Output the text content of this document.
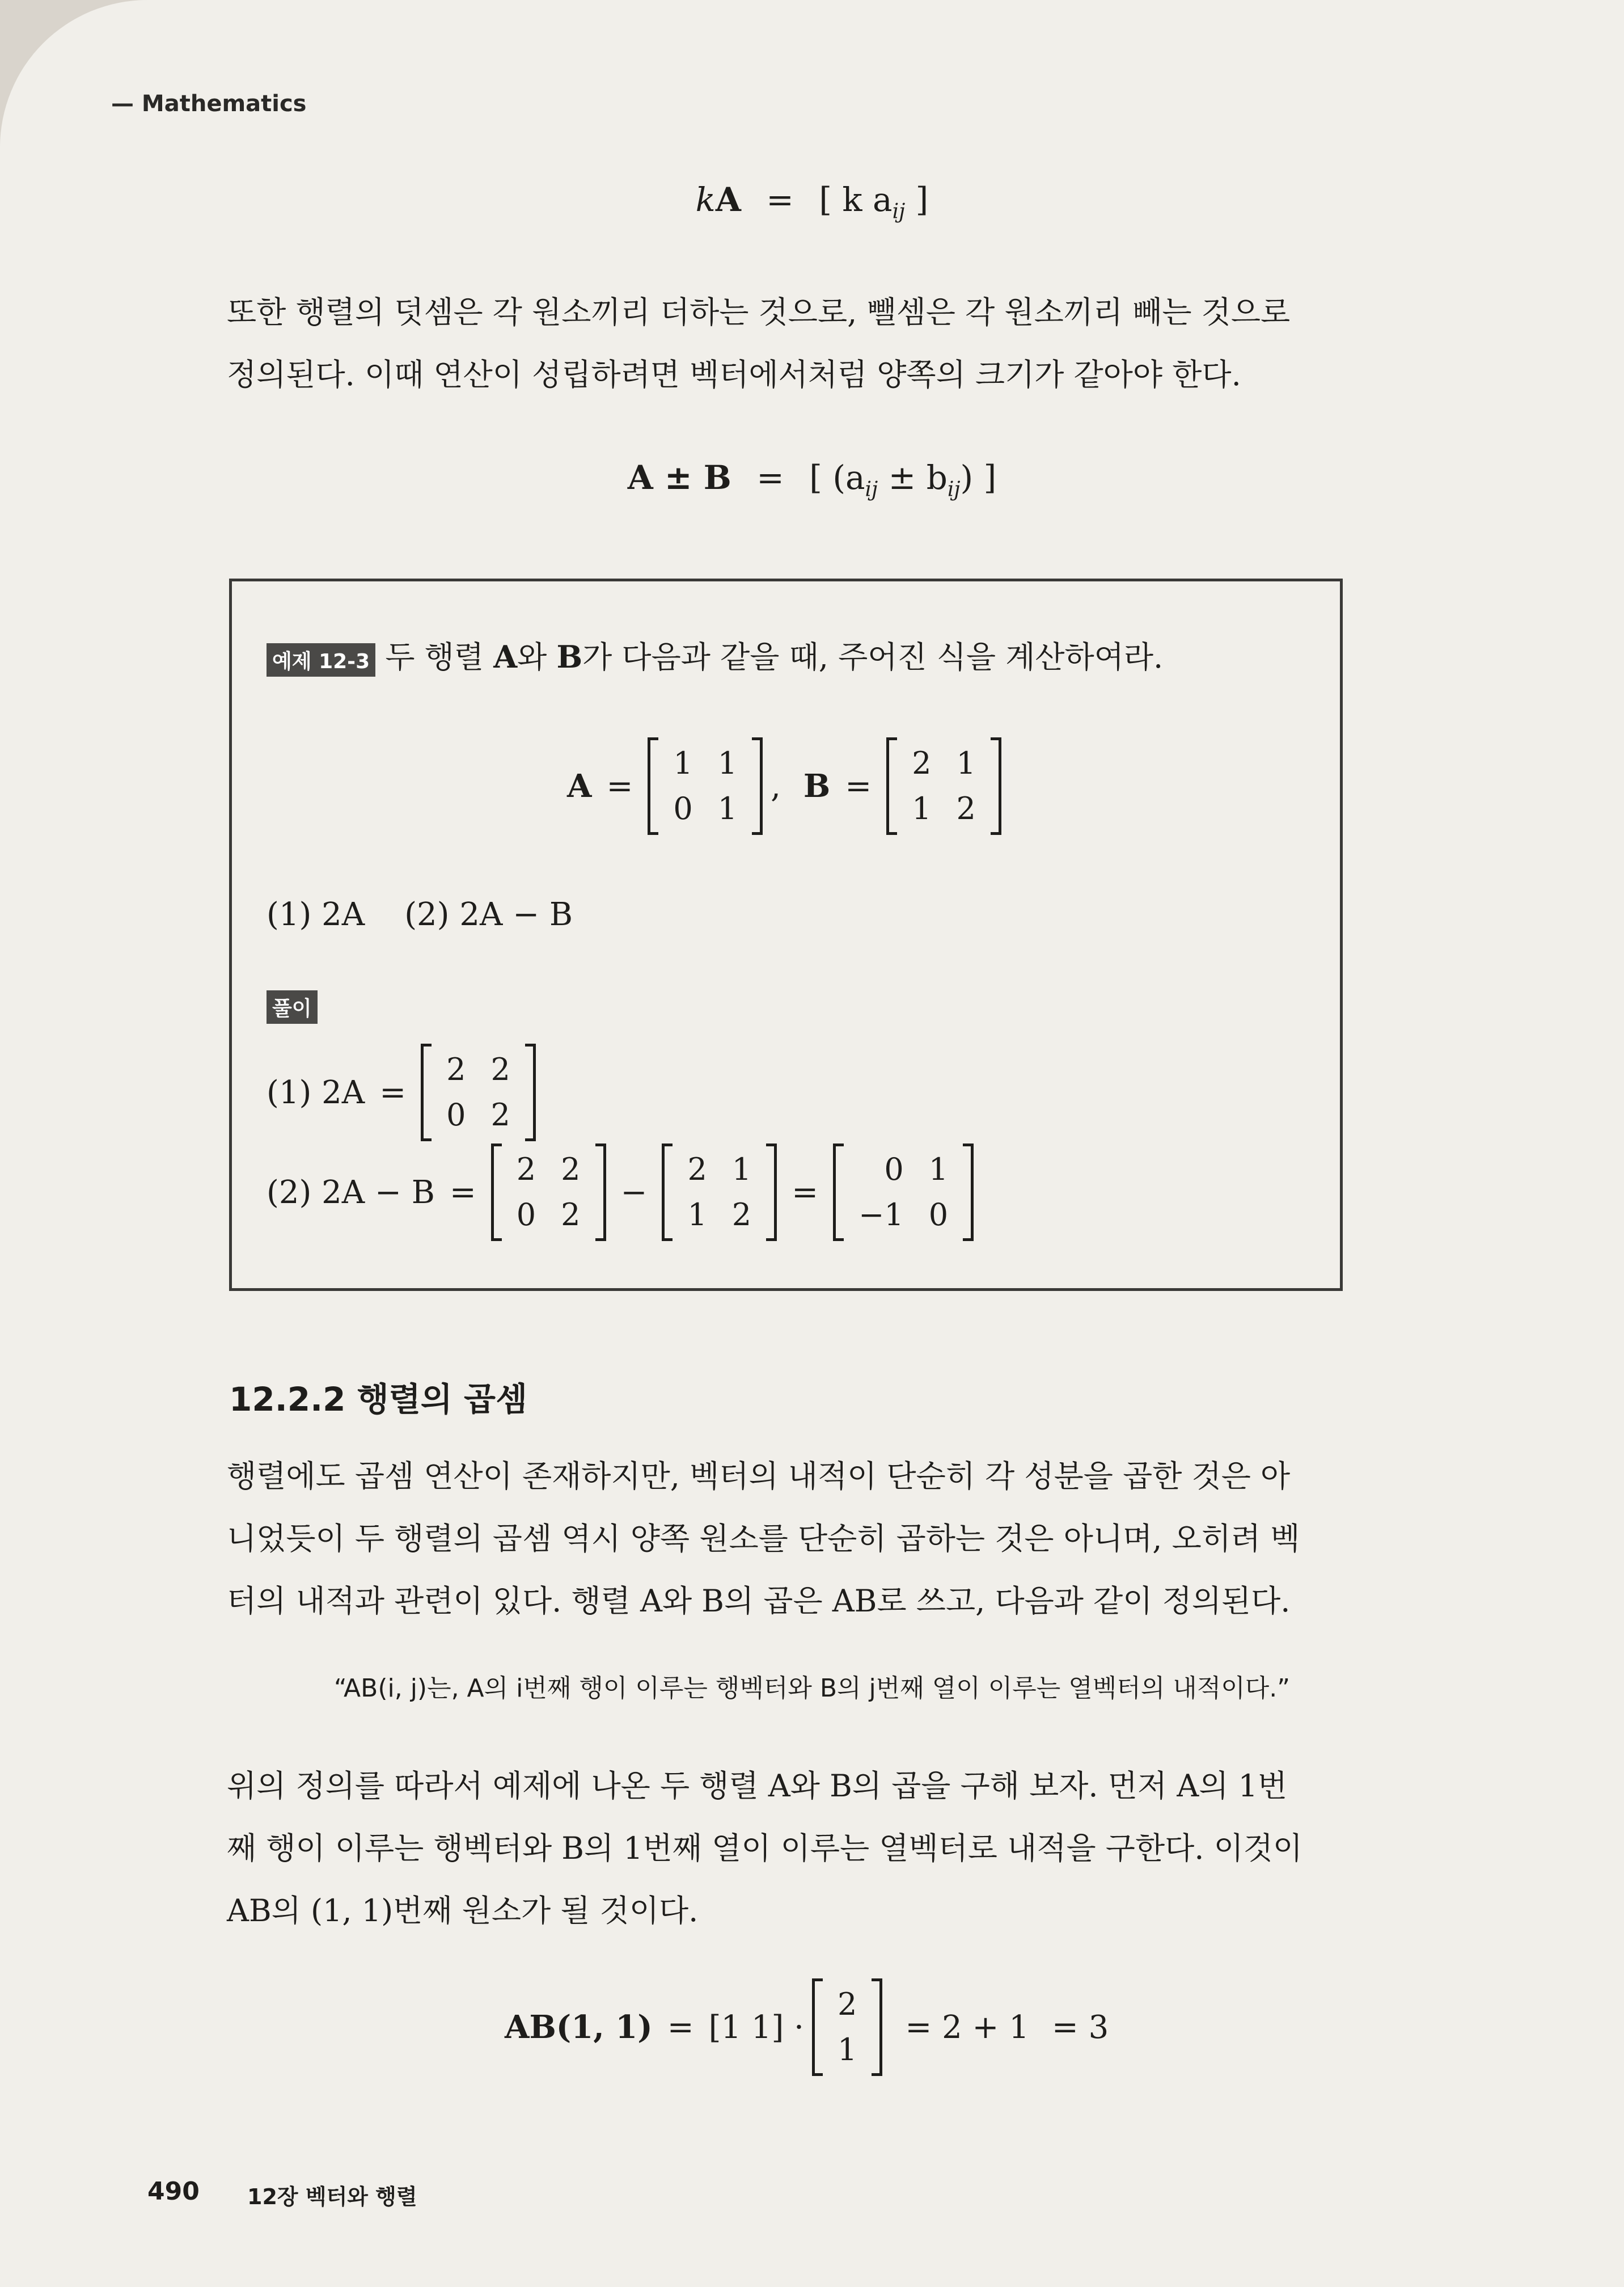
— Mathematics
kA = [ k $a_{ij}$ ]

또한 행렬의 덧셈은 각 원소끼리 더하는 것으로, 뺄셈은 각 원소끼리 빼는 것으로

정의된다. 이때 연산이 성립하려면 벡터에서처럼 양쪽의 크기가 같아야 한다.

A ± B = [ $(a_{ij} \pm b_{ij})$ ]
예제 12-3 두 행렬 A와 B가 다음과 같을 때, 주어진 식을 계산하여라.
A =
1	1
0	1
, B =
2	1
1	2
(1) 2A (2) 2A − B
풀이
(1) 2A =
2	2
0	2
(2) 2A − B =
2	2
0	2
−
2	1
1	2
=
0	1
−1	0
12.2.2 행렬의 곱셈

행렬에도 곱셈 연산이 존재하지만, 벡터의 내적이 단순히 각 성분을 곱한 것은 아

니었듯이 두 행렬의 곱셈 역시 양쪽 원소를 단순히 곱하는 것은 아니며, 오히려 벡

터의 내적과 관련이 있다. 행렬 A와 B의 곱은 AB로 쓰고, 다음과 같이 정의된다.

“AB(i, j)는, A의 i번째 행이 이루는 행벡터와 B의 j번째 열이 이루는 열벡터의 내적이다.”

위의 정의를 따라서 예제에 나온 두 행렬 A와 B의 곱을 구해 보자. 먼저 A의 1번

째 행이 이루는 행벡터와 B의 1번째 열이 이루는 열벡터로 내적을 구한다. 이것이

AB의 (1, 1)번째 원소가 될 것이다.

AB(1, 1) = [1 1] ·
2
1
= 2 + 1 = 3
490 12장 벡터와 행렬
